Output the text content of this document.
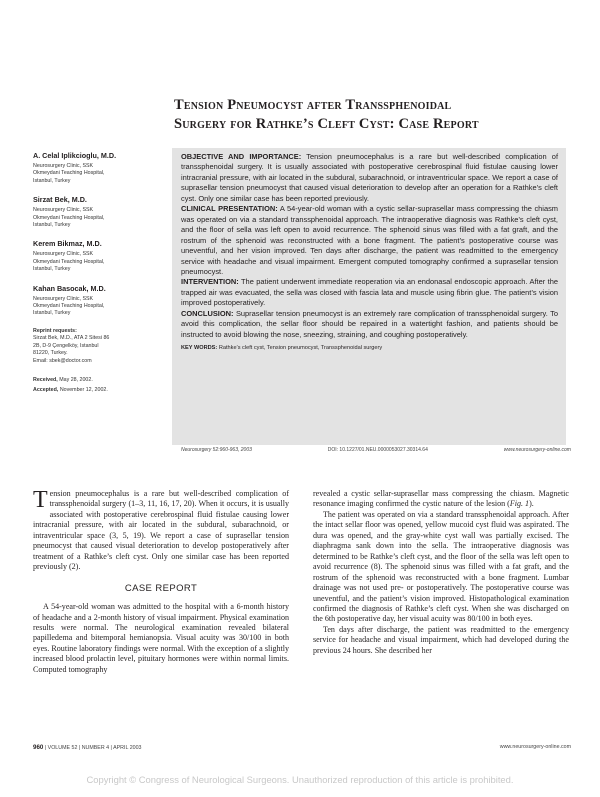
Tension Pneumocyst after Transsphenoidal
Surgery for Rathke’s Cleft Cyst: Case Report
A. Celal Iplikcioglu, M.D.
Neurosurgery Clinic, SSK
Okmeydani Teaching Hospital,
Istanbul, Turkey
Sirzat Bek, M.D.
Neurosurgery Clinic, SSK
Okmeydani Teaching Hospital,
Istanbul, Turkey
Kerem Bikmaz, M.D.
Neurosurgery Clinic, SSK
Okmeydani Teaching Hospital,
Istanbul, Turkey
Kahan Basocak, M.D.
Neurosurgery Clinic, SSK
Okmeydani Teaching Hospital,
Istanbul, Turkey
Reprint requests:
Sirzat Bek, M.D., ATA 2 Sitesi 86
2B, D-9 Çengelköy, Istanbul
81220, Turkey.
Email: sbek@doctor.com
Received, May 28, 2002.
Accepted, November 12, 2002.

OBJECTIVE AND IMPORTANCE: Tension pneumocephalus is a rare but well-described complication of transsphenoidal surgery. It is usually associated with postoperative cerebrospinal fluid fistulae causing lower intracranial pressure, with air located in the subdural, subarachnoid, or intraventricular space. We report a case of suprasellar tension pneumocyst that caused visual deterioration to develop after an operation for a Rathke’s cleft cyst. Only one similar case has been reported previously.

CLINICAL PRESENTATION: A 54-year-old woman with a cystic sellar-suprasellar mass compressing the chiasm was operated on via a standard transsphenoidal approach. The intraoperative diagnosis was Rathke’s cleft cyst, and the floor of sella was left open to avoid recurrence. The sphenoid sinus was filled with a fat graft, and the rostrum of the sphenoid was reconstructed with a bone fragment. The patient’s postoperative course was uneventful, and her vision improved. Ten days after discharge, the patient was readmitted to the emergency service with headache and visual impairment. Emergent computed tomography confirmed a suprasellar tension pneumocyst.

INTERVENTION: The patient underwent immediate reoperation via an endonasal endoscopic approach. After the trapped air was evacuated, the sella was closed with fascia lata and muscle using fibrin glue. The patient’s vision improved postoperatively.

CONCLUSION: Suprasellar tension pneumocyst is an extremely rare complication of transsphenoidal surgery. To avoid this complication, the sellar floor should be repaired in a watertight fashion, and patients should be instructed to avoid blowing the nose, sneezing, straining, and coughing postoperatively.

KEY WORDS: Rathke’s cleft cyst, Tension pneumocyst, Transsphenoidal surgery
Neurosurgery 52:960-963, 2003	DOI: 10.1227/01.NEU.0000053027.30314.64	www.neurosurgery-online.com

Tension pneumocephalus is a rare but well-described complication of transsphenoidal surgery (1–3, 11, 16, 17, 20). When it occurs, it is usually associated with postoperative cerebrospinal fluid fistulae causing lower intracranial pressure, with air located in the subdural, subarachnoid, or intraventricular space (3, 5, 19). We report a case of suprasellar tension pneumocyst that caused visual deterioration to develop postoperatively after treatment of a Rathke’s cleft cyst. Only one similar case has been reported previously (2).

CASE REPORT

A 54-year-old woman was admitted to the hospital with a 6-month history of headache and a 2-month history of visual impairment. Physical examination results were normal. The neurological examination revealed bilateral papilledema and bitemporal hemianopsia. Visual acuity was 30/100 in both eyes. Routine laboratory findings were normal. With the exception of a slightly increased blood prolactin level, pituitary hormones were within normal limits. Computed tomography

revealed a cystic sellar-suprasellar mass compressing the chiasm. Magnetic resonance imaging confirmed the cystic nature of the lesion (Fig. 1).

The patient was operated on via a standard transsphenoidal approach. After the intact sellar floor was opened, yellow mucoid cyst fluid was aspirated. The dura was opened, and the gray-white cyst wall was partially excised. The diaphragma sank down into the sella. The intraoperative diagnosis was determined to be Rathke’s cleft cyst, and the floor of the sella was left open to avoid recurrence (8). The sphenoid sinus was filled with a fat graft, and the rostrum of the sphenoid was reconstructed with a bone fragment. Lumbar drainage was not used pre- or postoperatively. The postoperative course was uneventful, and the patient’s vision improved. Histopathological examination confirmed the diagnosis of Rathke’s cleft cyst. When she was discharged on the 6th postoperative day, her visual acuity was 80/100 in both eyes.

Ten days after discharge, the patient was readmitted to the emergency service for headache and visual impairment, which had developed during the previous 24 hours. She described her

960 | VOLUME 52 | NUMBER 4 | APRIL 2003	www.neurosurgery-online.com
Copyright © Congress of Neurological Surgeons. Unauthorized reproduction of this article is prohibited.
